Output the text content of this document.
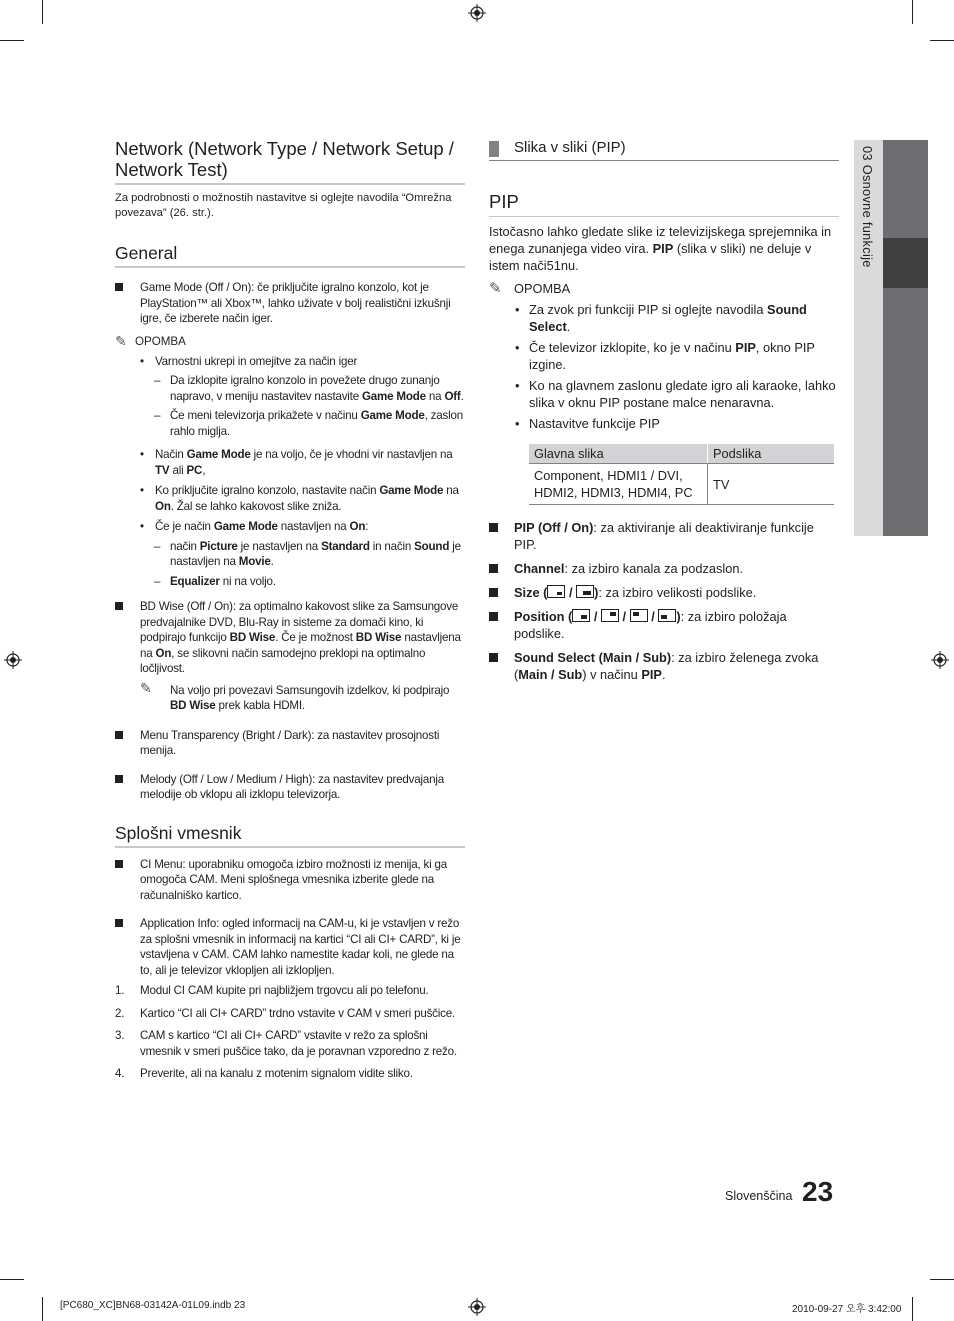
Network (Network Type / Network Setup / Network Test)

Za podrobnosti o možnostih nastavitve si oglejte navodila “Omrežna povezava” (26. str.).

General
Game Mode (Off / On): če priključite igralno konzolo, kot je PlayStation™ ali Xbox™, lahko uživate v bolj realistični izkušnji igre, če izberete način iger.
✎ OPOMBA
• Varnostni ukrepi in omejitve za način iger
– Da izklopite igralno konzolo in povežete drugo zunanjo napravo, v meniju nastavitev nastavite Game Mode na Off.
– Če meni televizorja prikažete v načinu Game Mode, zaslon rahlo miglja.
• Način Game Mode je na voljo, če je vhodni vir nastavljen na TV ali PC,
• Ko priključite igralno konzolo, nastavite način Game Mode na On. Žal se lahko kakovost slike zniža.
• Če je način Game Mode nastavljen na On:
– način Picture je nastavljen na Standard in način Sound je nastavljen na Movie.
– Equalizer ni na voljo.
BD Wise (Off / On): za optimalno kakovost slike za Samsungove predvajalnike DVD, Blu-Ray in sisteme za domači kino, ki podpirajo funkcijo BD Wise. Če je možnost BD Wise nastavljena na On, se slikovni način samodejno preklopi na optimalno ločljivost.
✎ Na voljo pri povezavi Samsungovih izdelkov, ki podpirajo BD Wise prek kabla HDMI.
Menu Transparency (Bright / Dark): za nastavitev prosojnosti menija.
Melody (Off / Low / Medium / High): za nastavitev predvajanja melodije ob vklopu ali izklopu televizorja.
Splošni vmesnik
CI Menu: uporabniku omogoča izbiro možnosti iz menija, ki ga omogoča CAM. Meni splošnega vmesnika izberite glede na računalniško kartico.
Application Info: ogled informacij na CAM-u, ki je vstavljen v režo za splošni vmesnik in informacij na kartici “CI ali CI+ CARD”, ki je vstavljena v CAM. CAM lahko namestite kadar koli, ne glede na to, ali je televizor vklopljen ali izklopljen.
1. Modul CI CAM kupite pri najbližjem trgovcu ali po telefonu.
2. Kartico “CI ali CI+ CARD” trdno vstavite v CAM v smeri puščice.
3. CAM s kartico “CI ali CI+ CARD” vstavite v režo za splošni vmesnik v smeri puščice tako, da je poravnan vzporedno z režo.
4. Preverite, ali na kanalu z motenim signalom vidite sliko.
Slika v sliki (PIP)
PIP
Istočasno lahko gledate slike iz televizijskega sprejemnika in enega zunanjega video vira. PIP (slika v sliki) ne deluje v istem nači51nu.
✎ OPOMBA
• Za zvok pri funkciji PIP si oglejte navodila Sound Select.
• Če televizor izklopite, ko je v načinu PIP, okno PIP izgine.
• Ko na glavnem zaslonu gledate igro ali karaoke, lahko slika v oknu PIP postane malce nenaravna.
• Nastavitve funkcije PIP
Glavna slika	Podslika
Component, HDMI1 / DVI, HDMI2, HDMI3, HDMI4, PC	TV
PIP (Off / On): za aktiviranje ali deaktiviranje funkcije PIP.
Channel: za izbiro kanala za podzaslon.
Size (
/
): za izbiro velikosti podslike.
Position (
/
/
/
): za izbiro položaja podslike.
Sound Select (Main / Sub): za izbiro želenega zvoka (Main / Sub) v načinu PIP.
03 Osnovne funkcije
Slovenščina 23
[PC680_XC]BN68-03142A-01L09.indb 23	2010-09-27 오후 3:42:00
